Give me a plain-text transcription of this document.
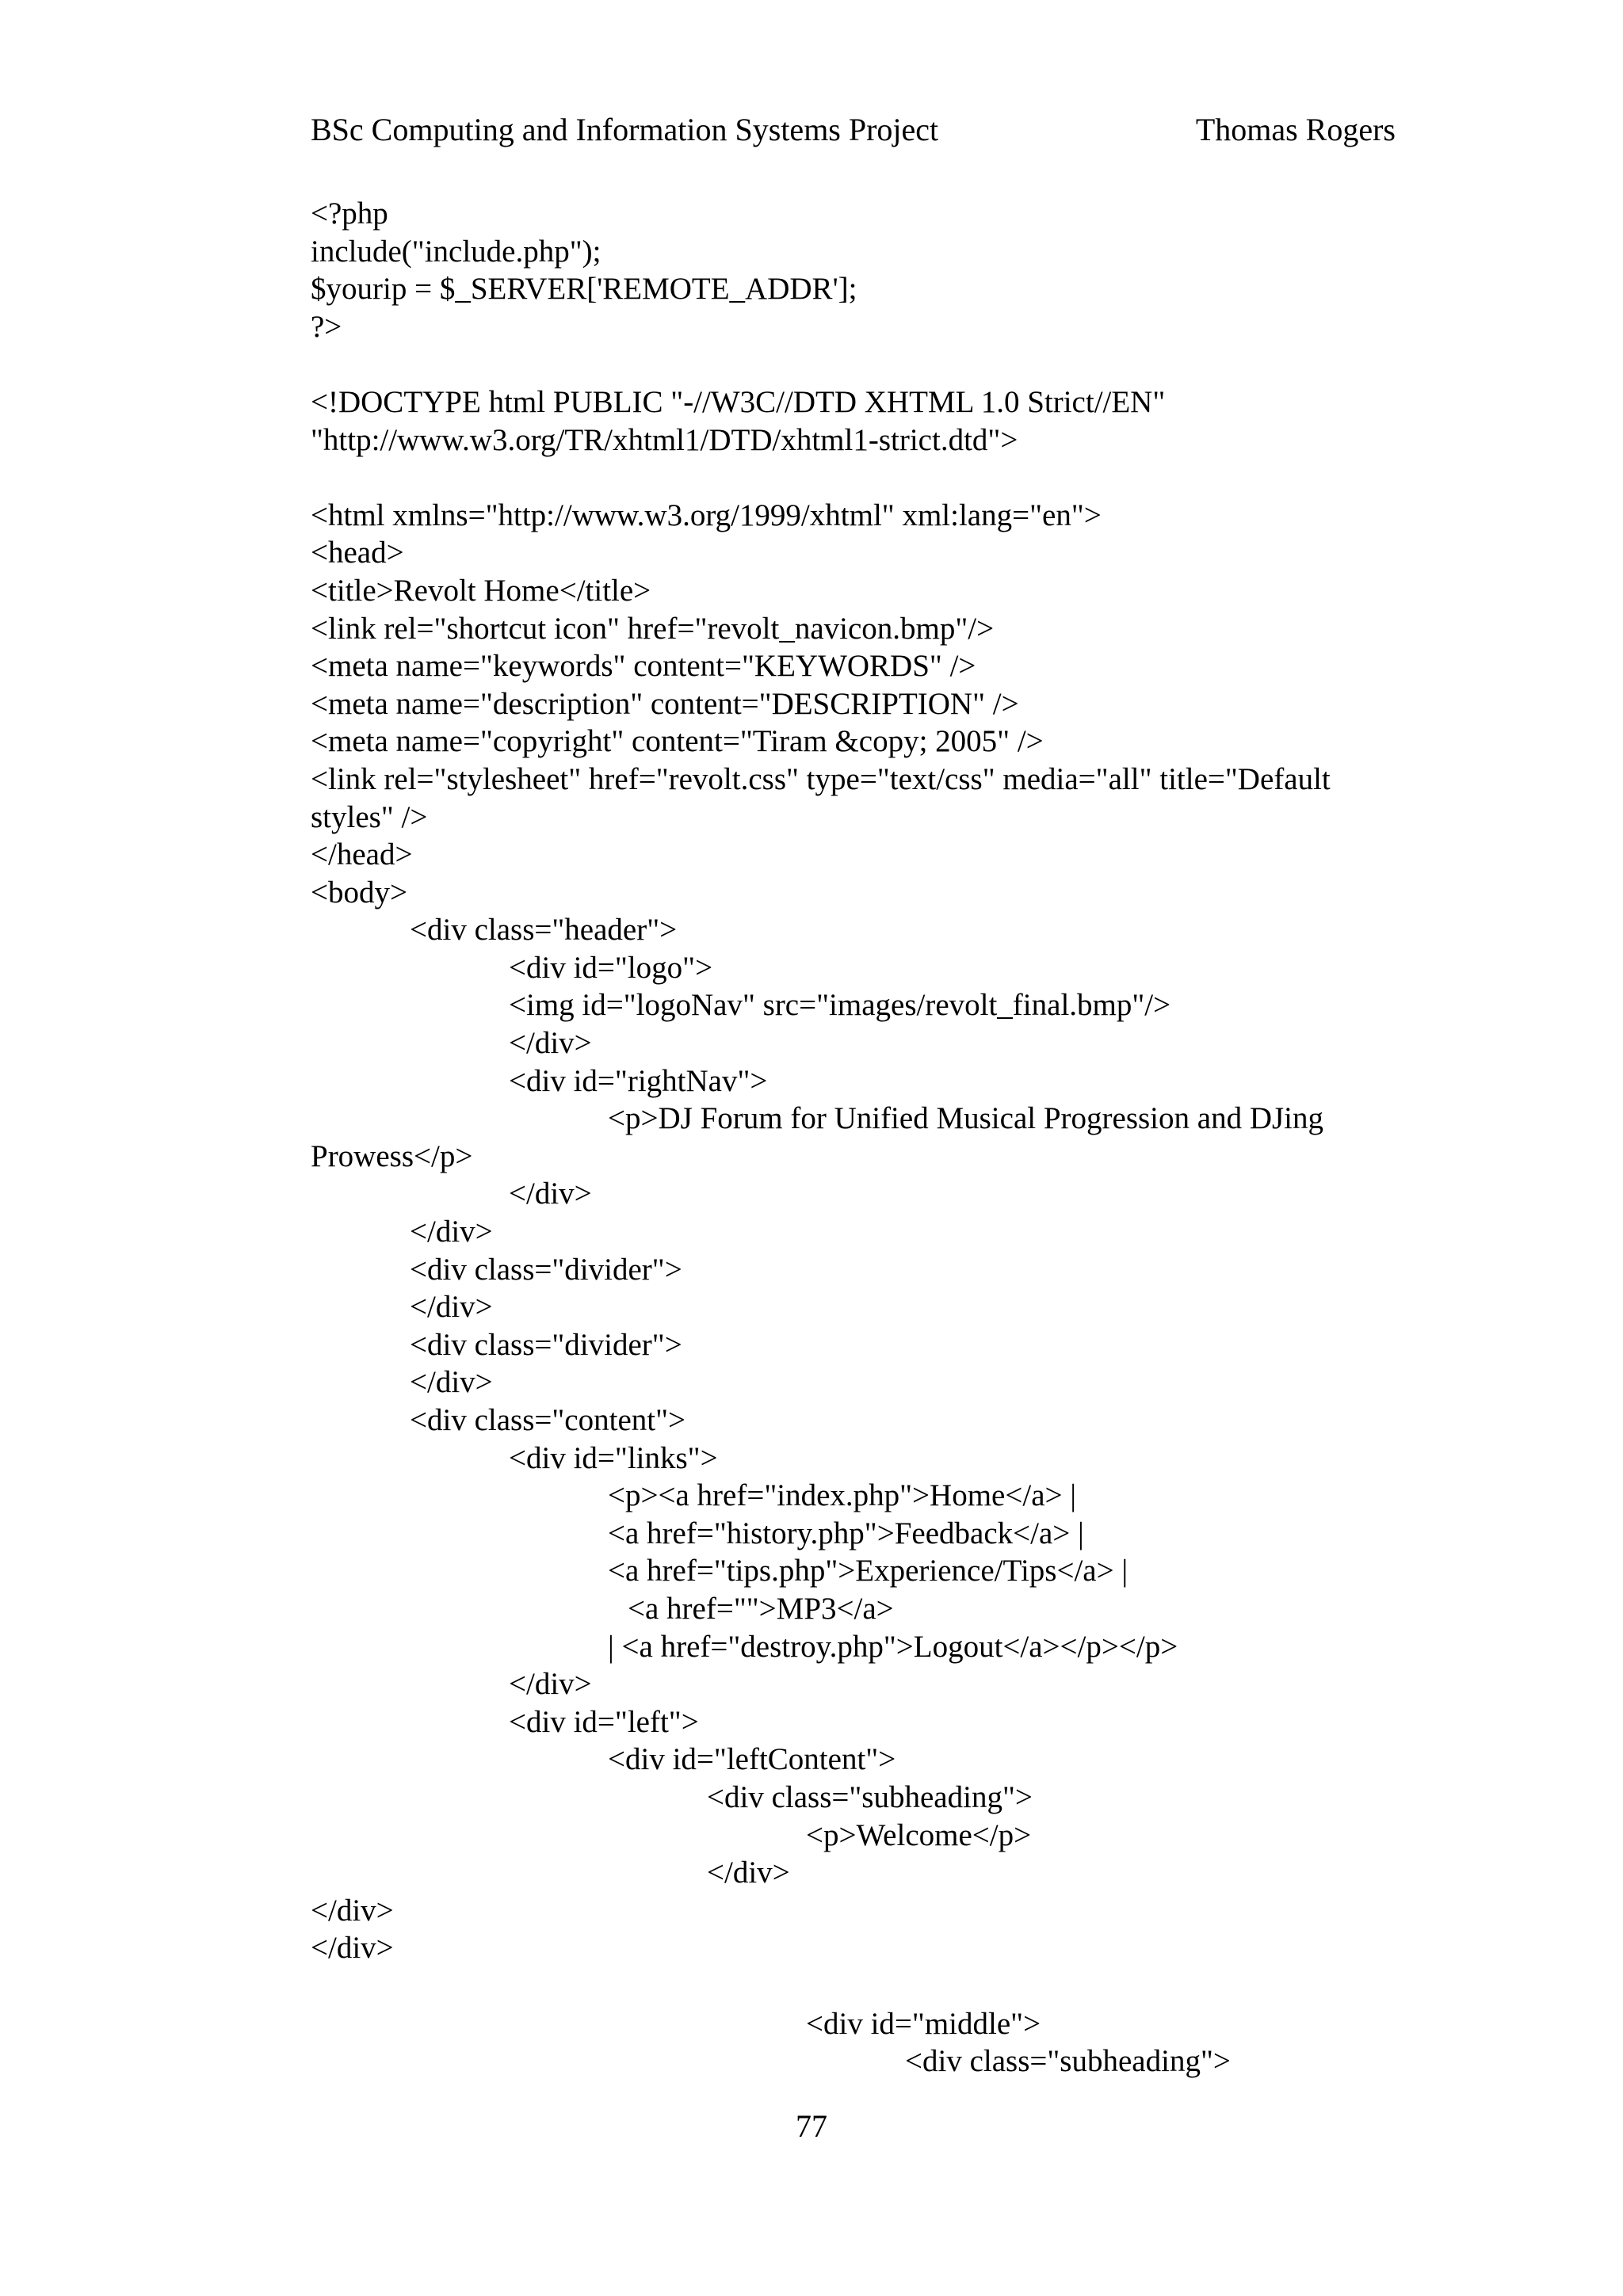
BSc Computing and Information Systems Project	Thomas Rogers
<?php
include("include.php");
$yourip = $_SERVER['REMOTE_ADDR'];
?>
<!DOCTYPE html PUBLIC "-//W3C//DTD XHTML 1.0 Strict//EN"
"http://www.w3.org/TR/xhtml1/DTD/xhtml1-strict.dtd">
<html xmlns="http://www.w3.org/1999/xhtml" xml:lang="en">
<head>
<title>Revolt Home</title>
<link rel="shortcut icon" href="revolt_navicon.bmp"/>
<meta name="keywords" content="KEYWORDS" />
<meta name="description" content="DESCRIPTION" />
<meta name="copyright" content="Tiram &copy; 2005" />
<link rel="stylesheet" href="revolt.css" type="text/css" media="all" title="Default
styles" />
</head>
<body>
<div class="header">
<div id="logo">
<img id="logoNav" src="images/revolt_final.bmp"/>
</div>
<div id="rightNav">
<p>DJ Forum for Unified Musical Progression and DJing
Prowess</p>
</div>
</div>
<div class="divider">
</div>
<div class="divider">
</div>
<div class="content">
<div id="links">
<p><a href="index.php">Home</a> |
<a href="history.php">Feedback</a> |
<a href="tips.php">Experience/Tips</a> |
<a href="">MP3</a>
| <a href="destroy.php">Logout</a></p></p>
</div>
<div id="left">
<div id="leftContent">
<div class="subheading">
<p>Welcome</p>
</div>
</div>
</div>
<div id="middle">
<div class="subheading">
77
